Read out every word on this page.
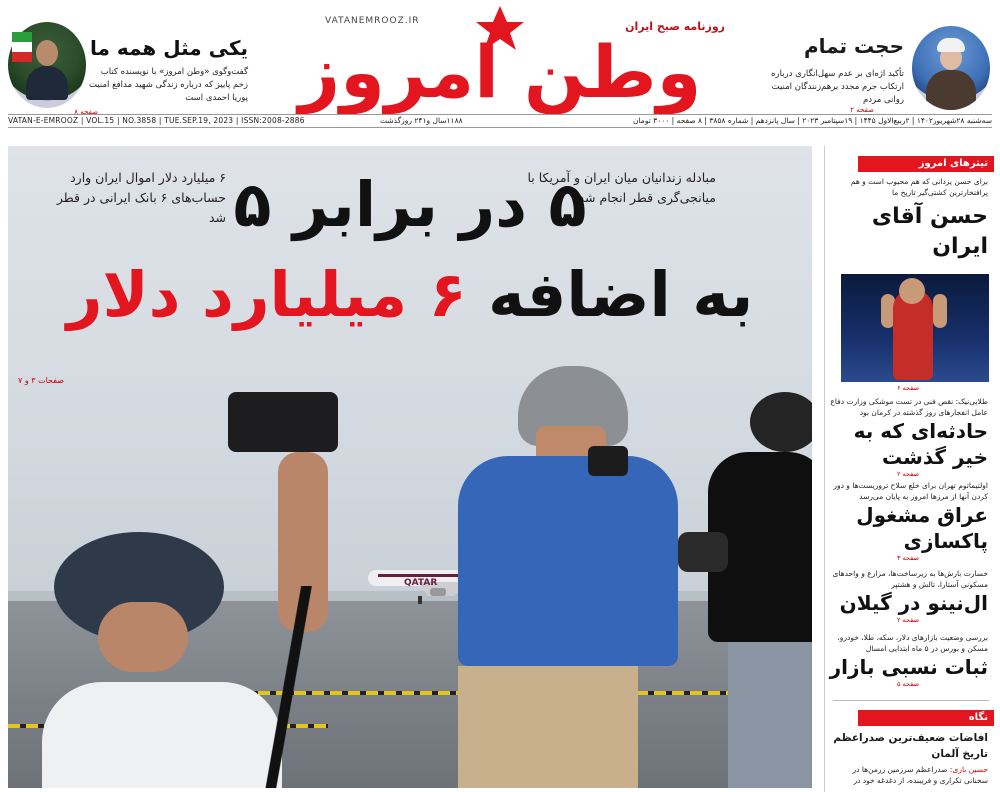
یکی مثل همه ما

گفت‌وگوی «وطن امروز» با نویسنده کتاب زخم پاییز که درباره زندگی شهید مدافع امنیت پوریا احمدی است

صفحه ۸
VATANEMROOZ.IR	روزنامه صبح ایران
وطن امروز	حجت تمام

تأکید اژه‌ای بر عدم سهل‌انگاری درباره ارتکاب جرم مجدد برهم‌زنندگان امنیت روانی مردم

صفحه ۲
VATAN-E-EMROOZ | VOL.15 | NO.3858 | TUE.SEP.19, 2023 | ISSN:2008-2886	۱۱۸۸سال و۲۴۱ روزگذشت	سه‌شنبه ۲۸شهریور۱۴۰۲ | ۲ربیع‌الاول ۱۴۴۵ | ۱۹سپتامبر ۲۰۲۳ | سال پانزدهم | شماره ۳۸۵۸ | ۸ صفحه | ۳۰۰۰ تومان
QATAR
مبادله زندانیان میان ایران و آمریکا با میانجی‌گری قطر انجام شد
۶ میلیارد دلار اموال ایران وارد حساب‌های ۶ بانک ایرانی در قطر شد ۵ در برابر ۵
به اضافه ۶ میلیارد دلار
صفحات ۳ و ۷
تیترهای امروز
برای حسن یزدانی که هم محبوب است و هم پرافتخارترین کشتی‌گیر تاریخ ما
حسن آقای ایران
صفحه ۶
طلایی‌نیک: نقص فنی در تست موشکی وزارت دفاع عامل انفجارهای روز گذشته در کرمان بود
حادثه‌ای که به خیر گذشت
صفحه ۲
اولتیماتوم تهران برای خلع سلاح تروریست‌ها و دور کردن آنها از مرزها امروز به پایان می‌رسد
عراق مشغول پاکسازی
صفحه ۳
خسارت بارش‌ها به زیرساخت‌ها، مزارع و واحدهای مسکونی آستارا، تالش و هشتپر
ال‌نینو در گیلان
صفحه ۲
بررسی وضعیت بازارهای دلار، سکه، طلا، خودرو، مسکن و بورس در ۵ ماه ابتدایی امسال
ثبات نسبی بازار
صفحه ۵
نگاه
افاضات ضعیف‌ترین صدراعظم تاریخ آلمان
حسین باری: صدراعظم سرزمین زرمن‌ها در سخنانی تکراری و فریبنده، از دغدغه خود در
